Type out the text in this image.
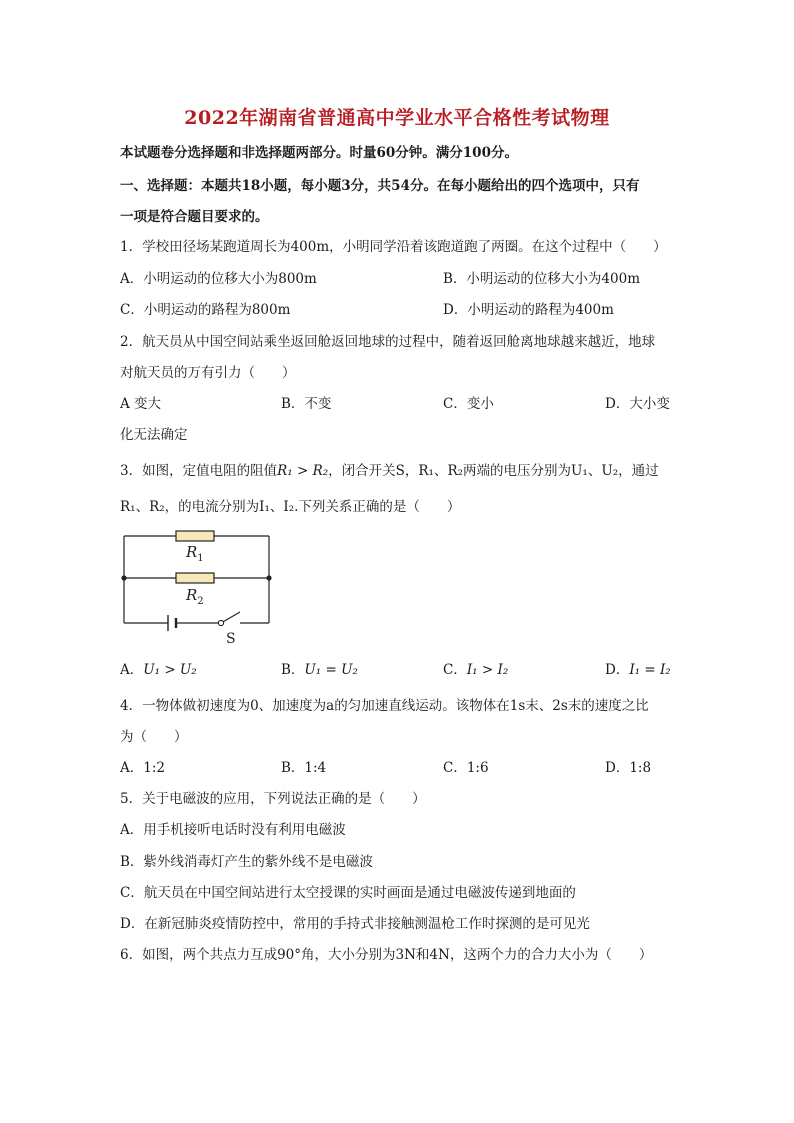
2022年湖南省普通高中学业水平合格性考试物理
本试题卷分选择题和非选择题两部分。时量60分钟。满分100分。
一、选择题：本题共18小题，每小题3分，共54分。在每小题给出的四个选项中，只有
一项是符合题目要求的。
1．学校田径场某跑道周长为400m，小明同学沿着该跑道跑了两圈。在这个过程中（　　）
A．小明运动的位移大小为800m	B．小明运动的位移大小为400m
C．小明运动的路程为800m	D．小明运动的路程为400m
2．航天员从中国空间站乘坐返回舱返回地球的过程中，随着返回舱离地球越来越近，地球
对航天员的万有引力（　　）
A 变大	B．不变	C．变小	D．大小变
化无法确定
3．如图，定值电阻的阻值R₁ > R₂，闭合开关S，R₁、R₂两端的电压分别为U₁、U₂，通过
R₁、R₂，的电流分别为I₁、I₂.下列关系正确的是（　　）
$R_1$
$R_2$
S
A．U₁ > U₂	B．U₁ = U₂	C．I₁ > I₂	D．I₁ = I₂
4．一物体做初速度为0、加速度为a的匀加速直线运动。该物体在1s末、2s末的速度之比
为（　　）
A．1:2	B．1:4	C．1:6	D．1:8
5．关于电磁波的应用，下列说法正确的是（　　）
A．用手机接听电话时没有利用电磁波
B．紫外线消毒灯产生的紫外线不是电磁波
C．航天员在中国空间站进行太空授课的实时画面是通过电磁波传递到地面的
D．在新冠肺炎疫情防控中，常用的手持式非接触测温枪工作时探测的是可见光
6．如图，两个共点力互成90°角，大小分别为3N和4N，这两个力的合力大小为（　　）
